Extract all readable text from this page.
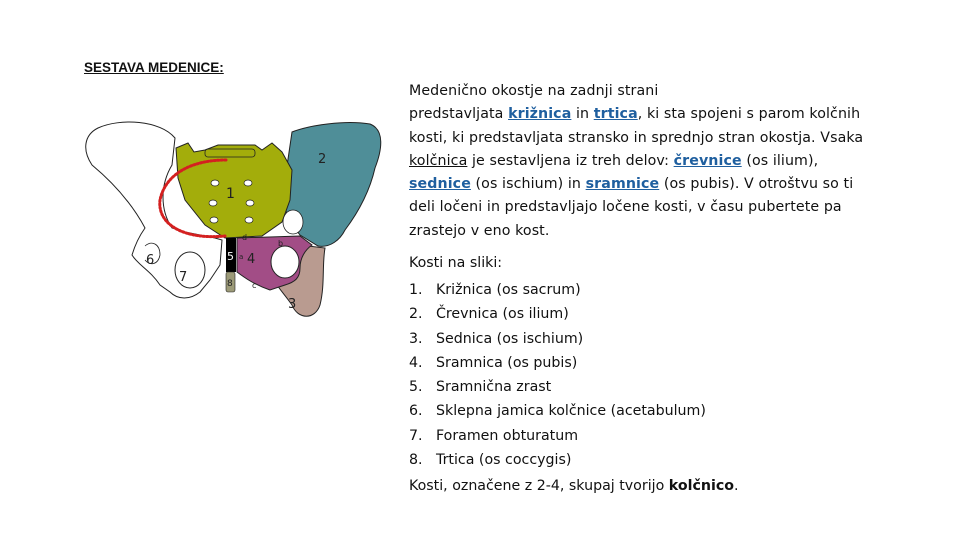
SESTAVA MEDENICE:
1
2
3
4
5
6
7	8
a
b
c
d
Medenično okostje na zadnji strani
predstavljata križnica in trtica, ki sta spojeni s parom kolčnih kosti, ki predstavljata stransko in sprednjo stran okostja. Vsaka kolčnica je sestavljena iz treh delov: črevnice (os ilium), sednice (os ischium) in sramnice (os pubis). V otroštvu so ti deli ločeni in predstavljajo ločene kosti, v času pubertete pa zrastejo v eno kost.
Kosti na sliki:
1. Križnica (os sacrum)
2. Črevnica (os ilium)
3. Sednica (os ischium)
4. Sramnica (os pubis)
5. Sramnična zrast
6. Sklepna jamica kolčnice (acetabulum)
7. Foramen obturatum
8. Trtica (os coccygis)
Kosti, označene z 2-4, skupaj tvorijo kolčnico.
